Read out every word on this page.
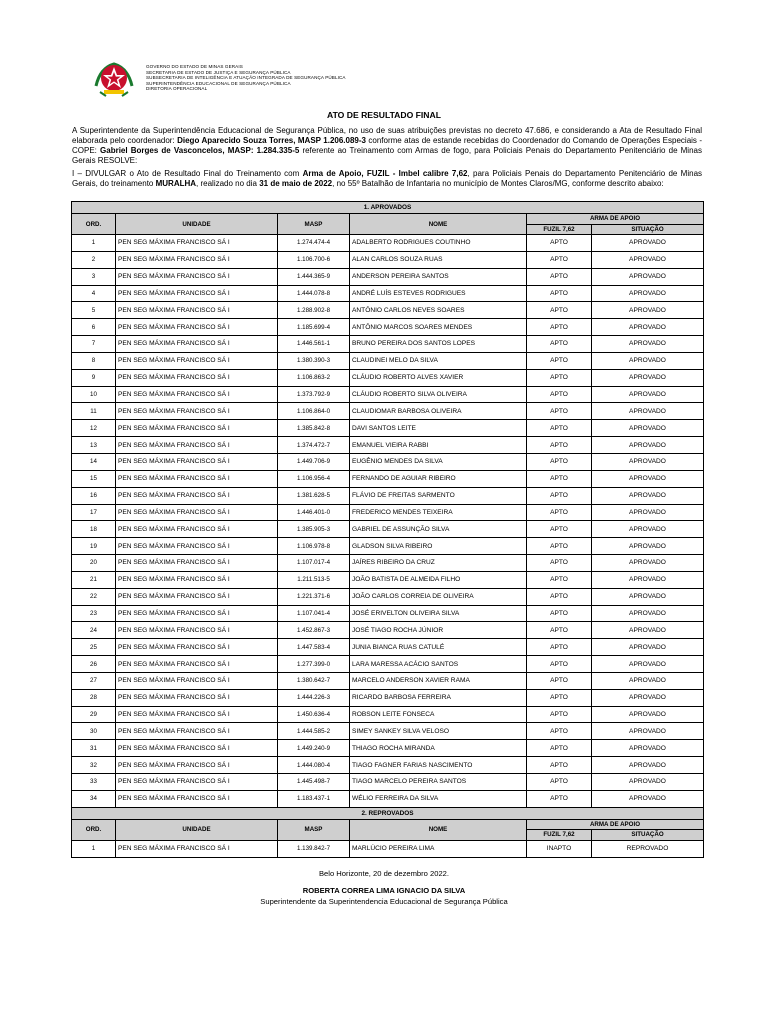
GOVERNO DO ESTADO DE MINAS GERAIS
SECRETARIA DE ESTADO DE JUSTIÇA E SEGURANÇA PÚBLICA
SUBSECRETARIA DE INTELIGÊNCIA E ATUAÇÃO INTEGRADA DE SEGURANÇA PÚBLICA
SUPERINTENDÊNCIA EDUCACIONAL DE SEGURANÇA PÚBLICA
DIRETORIA OPERACIONAL
ATO DE RESULTADO FINAL

A Superintendente da Superintendência Educacional de Segurança Pública, no uso de suas atribuições previstas no decreto 47.686, e considerando a Ata de Resultado Final elaborada pelo coordenador: Diego Aparecido Souza Torres, MASP 1.206.089-3 conforme atas de estande recebidas do Coordenador do Comando de Operações Especiais - COPE: Gabriel Borges de Vasconcelos, MASP: 1.284.335-5 referente ao Treinamento com Armas de fogo, para Policiais Penais do Departamento Penitenciário de Minas Gerais RESOLVE:

I – DIVULGAR o Ato de Resultado Final do Treinamento com Arma de Apoio, FUZIL - Imbel calibre 7,62, para Policiais Penais do Departamento Penitenciário de Minas Gerais, do treinamento MURALHA, realizado no dia 31 de maio de 2022, no 55º Batalhão de Infantaria no município de Montes Claros/MG, conforme descrito abaixo:

1. APROVADOS					
ORD.	UNIDADE	MASP	NOME	ARMA DE APOIO	
				FUZIL 7,62	SITUAÇÃO
1	PEN SEG MÁXIMA FRANCISCO SÁ I	1.274.474-4	ADALBERTO RODRIGUES COUTINHO	APTO	APROVADO
2	PEN SEG MÁXIMA FRANCISCO SÁ I	1.106.700-6	ALAN CARLOS SOUZA RUAS	APTO	APROVADO
3	PEN SEG MÁXIMA FRANCISCO SÁ I	1.444.365-9	ANDERSON PEREIRA SANTOS	APTO	APROVADO
4	PEN SEG MÁXIMA FRANCISCO SÁ I	1.444.078-8	ANDRÉ LUÍS ESTEVES RODRIGUES	APTO	APROVADO
5	PEN SEG MÁXIMA FRANCISCO SÁ I	1.288.902-8	ANTÔNIO CARLOS NEVES SOARES	APTO	APROVADO
6	PEN SEG MÁXIMA FRANCISCO SÁ I	1.185.699-4	ANTÔNIO MARCOS SOARES MENDES	APTO	APROVADO
7	PEN SEG MÁXIMA FRANCISCO SÁ I	1.446.561-1	BRUNO PEREIRA DOS SANTOS LOPES	APTO	APROVADO
8	PEN SEG MÁXIMA FRANCISCO SÁ I	1.380.390-3	CLAUDINEI MELO DA SILVA	APTO	APROVADO
9	PEN SEG MÁXIMA FRANCISCO SÁ I	1.106.863-2	CLÁUDIO ROBERTO ALVES XAVIER	APTO	APROVADO
10	PEN SEG MÁXIMA FRANCISCO SÁ I	1.373.792-9	CLÁUDIO ROBERTO SILVA OLIVEIRA	APTO	APROVADO
11	PEN SEG MÁXIMA FRANCISCO SÁ I	1.106.864-0	CLAUDIOMAR BARBOSA OLIVEIRA	APTO	APROVADO
12	PEN SEG MÁXIMA FRANCISCO SÁ I	1.385.842-8	DAVI SANTOS LEITE	APTO	APROVADO
13	PEN SEG MÁXIMA FRANCISCO SÁ I	1.374.472-7	EMANUEL VIEIRA RABBI	APTO	APROVADO
14	PEN SEG MÁXIMA FRANCISCO SÁ I	1.449.706-9	EUGÊNIO MENDES DA SILVA	APTO	APROVADO
15	PEN SEG MÁXIMA FRANCISCO SÁ I	1.106.956-4	FERNANDO DE AGUIAR RIBEIRO	APTO	APROVADO
16	PEN SEG MÁXIMA FRANCISCO SÁ I	1.381.628-5	FLÁVIO DE FREITAS SARMENTO	APTO	APROVADO
17	PEN SEG MÁXIMA FRANCISCO SÁ I	1.446.401-0	FREDERICO MENDES TEIXEIRA	APTO	APROVADO
18	PEN SEG MÁXIMA FRANCISCO SÁ I	1.385.905-3	GABRIEL DE ASSUNÇÃO SILVA	APTO	APROVADO
19	PEN SEG MÁXIMA FRANCISCO SÁ I	1.106.978-8	GLADSON SILVA RIBEIRO	APTO	APROVADO
20	PEN SEG MÁXIMA FRANCISCO SÁ I	1.107.017-4	JAÍRES RIBEIRO DA CRUZ	APTO	APROVADO
21	PEN SEG MÁXIMA FRANCISCO SÁ I	1.211.513-5	JOÃO BATISTA DE ALMEIDA FILHO	APTO	APROVADO
22	PEN SEG MÁXIMA FRANCISCO SÁ I	1.221.371-6	JOÃO CARLOS CORREIA DE OLIVEIRA	APTO	APROVADO
23	PEN SEG MÁXIMA FRANCISCO SÁ I	1.107.041-4	JOSÉ ERIVELTON OLIVEIRA SILVA	APTO	APROVADO
24	PEN SEG MÁXIMA FRANCISCO SÁ I	1.452.867-3	JOSÉ TIAGO ROCHA JÚNIOR	APTO	APROVADO
25	PEN SEG MÁXIMA FRANCISCO SÁ I	1.447.583-4	JUNIA BIANCA RUAS CATULÉ	APTO	APROVADO
26	PEN SEG MÁXIMA FRANCISCO SÁ I	1.277.399-0	LARA MARESSA ACÁCIO SANTOS	APTO	APROVADO
27	PEN SEG MÁXIMA FRANCISCO SÁ I	1.380.642-7	MARCELO ANDERSON XAVIER RAMA	APTO	APROVADO
28	PEN SEG MÁXIMA FRANCISCO SÁ I	1.444.226-3	RICARDO BARBOSA FERREIRA	APTO	APROVADO
29	PEN SEG MÁXIMA FRANCISCO SÁ I	1.450.636-4	ROBSON LEITE FONSECA	APTO	APROVADO
30	PEN SEG MÁXIMA FRANCISCO SÁ I	1.444.585-2	SIMEY SANKEY SILVA VELOSO	APTO	APROVADO
31	PEN SEG MÁXIMA FRANCISCO SÁ I	1.449.240-9	THIAGO ROCHA MIRANDA	APTO	APROVADO
32	PEN SEG MÁXIMA FRANCISCO SÁ I	1.444.080-4	TIAGO FAGNER FARIAS NASCIMENTO	APTO	APROVADO
33	PEN SEG MÁXIMA FRANCISCO SÁ I	1.445.498-7	TIAGO MARCELO PEREIRA SANTOS	APTO	APROVADO
34	PEN SEG MÁXIMA FRANCISCO SÁ I	1.183.437-1	WÉLIO FERREIRA DA SILVA	APTO	APROVADO
2. REPROVADOS					
ORD.	UNIDADE	MASP	NOME	ARMA DE APOIO	
				FUZIL 7,62	SITUAÇÃO
1	PEN SEG MÁXIMA FRANCISCO SÁ I	1.139.842-7	MARLÚCIO PEREIRA LIMA	INAPTO	REPROVADO
Belo Horizonte, 20 de dezembro 2022.
ROBERTA CORREA LIMA IGNACIO DA SILVA
Superintendente da Superintendencia Educacional de Segurança Pública
